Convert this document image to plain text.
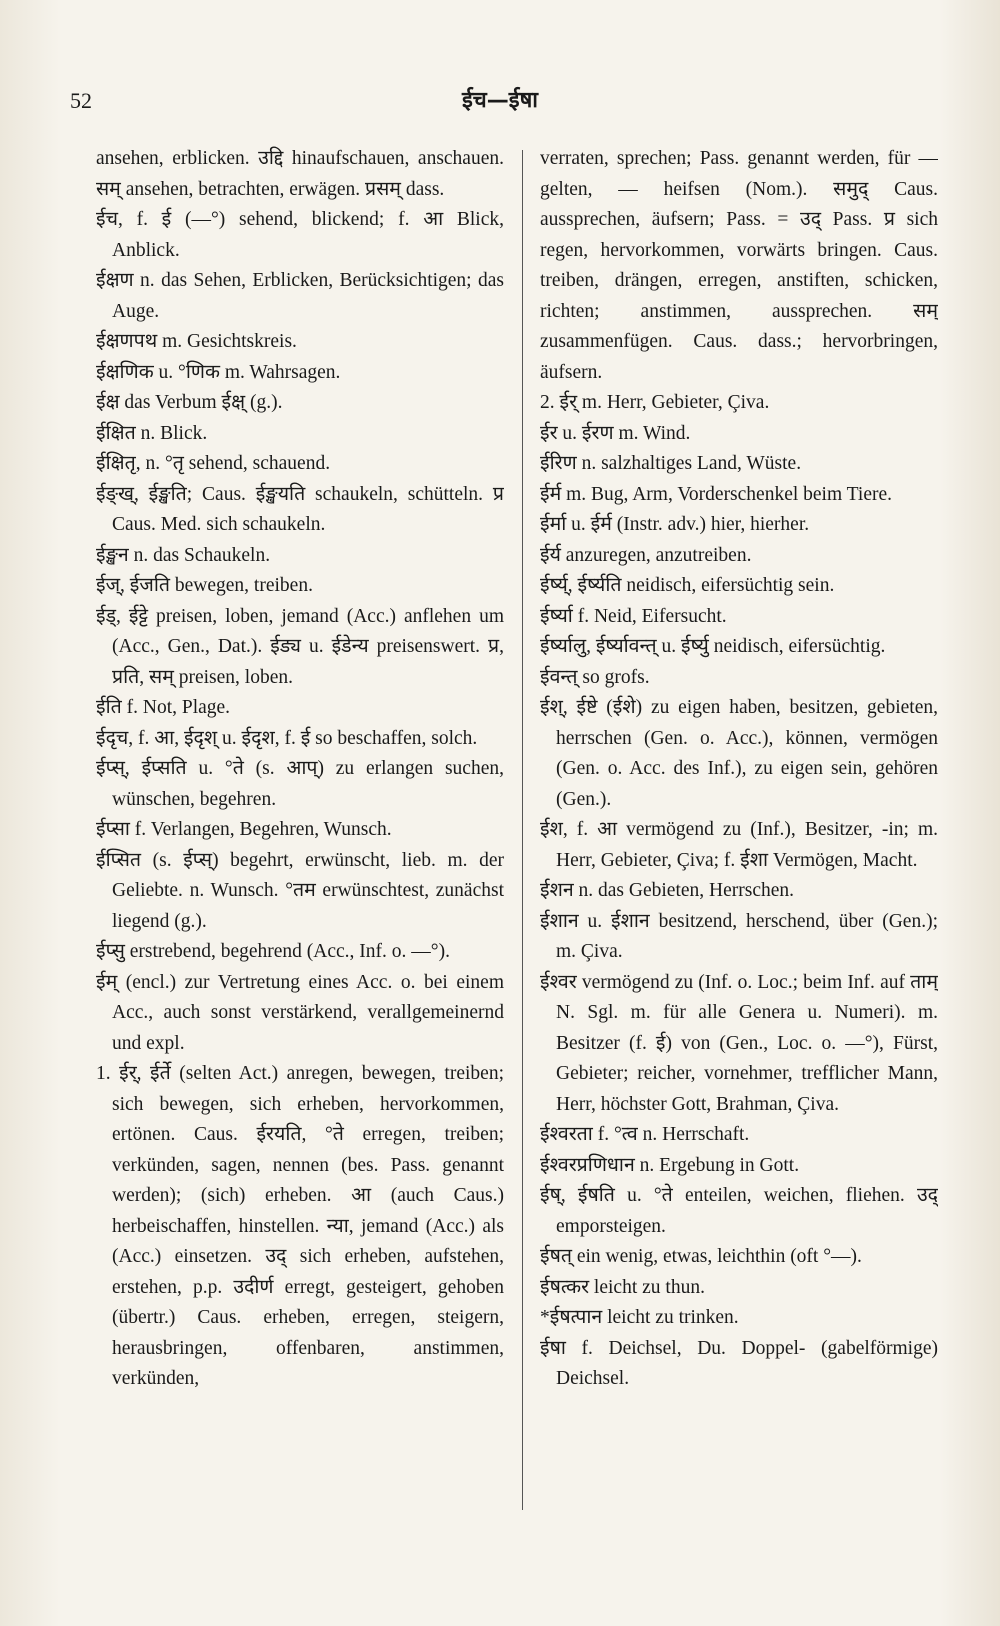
52	ईच—ईषा

ansehen, erblicken. उद्दि hinaufschauen, anschauen. सम् ansehen, betrachten, erwägen. प्रसम् dass.

ईच, f. ई (—°) sehend, blickend; f. आ Blick, Anblick.

ईक्षण n. das Sehen, Erblicken, Berücksichtigen; das Auge.

ईक्षणपथ m. Gesichtskreis.

ईक्षणिक u. °णिक m. Wahrsagen.

ईक्ष das Verbum ईक्ष् (g.).

ईक्षित n. Blick.

ईक्षितृ, n. °तृ sehend, schauend.

ईङ्ख्, ईङ्खति; Caus. ईङ्खयति schaukeln, schütteln. प्र Caus. Med. sich schaukeln.

ईङ्खन n. das Schaukeln.

ईज्, ईजति bewegen, treiben.

ईड्, ईट्टे preisen, loben, jemand (Acc.) anflehen um (Acc., Gen., Dat.). ईड्य u. ईडेन्य preisenswert. प्र, प्रति, सम् preisen, loben.

ईति f. Not, Plage.

ईदृच, f. आ, ईदृश् u. ईदृश, f. ई so beschaffen, solch.

ईप्स्, ईप्सति u. °ते (s. आप्) zu erlangen suchen, wünschen, begehren.

ईप्सा f. Verlangen, Begehren, Wunsch.

ईप्सित (s. ईप्स्) begehrt, erwünscht, lieb. m. der Geliebte. n. Wunsch. °तम erwünschtest, zunächst liegend (g.).

ईप्सु erstrebend, begehrend (Acc., Inf. o. —°).

ईम् (encl.) zur Vertretung eines Acc. o. bei einem Acc., auch sonst verstärkend, verallgemeinernd und expl.

1. ईर्, ईर्ते (selten Act.) anregen, bewegen, treiben; sich bewegen, sich erheben, hervorkommen, ertönen. Caus. ईरयति, °ते erregen, treiben; verkünden, sagen, nennen (bes. Pass. genannt werden); (sich) erheben. आ (auch Caus.) herbeischaffen, hinstellen. न्या, jemand (Acc.) als (Acc.) einsetzen. उद् sich erheben, aufstehen, erstehen, p.p. उदीर्ण erregt, gesteigert, gehoben (übertr.) Caus. erheben, erregen, steigern, herausbringen, offenbaren, anstimmen, verkünden,

verraten, sprechen; Pass. genannt werden, für — gelten, — heifsen (Nom.). समुद् Caus. aussprechen, äufsern; Pass. = उद् Pass. प्र sich regen, hervorkommen, vorwärts bringen. Caus. treiben, drängen, erregen, anstiften, schicken, richten; anstimmen, aussprechen. सम् zusammenfügen. Caus. dass.; hervorbringen, äufsern.

2. ईर् m. Herr, Gebieter, Çiva.

ईर u. ईरण m. Wind.

ईरिण n. salzhaltiges Land, Wüste.

ईर्म m. Bug, Arm, Vorderschenkel beim Tiere.

ईर्मा u. ईर्म (Instr. adv.) hier, hierher.

ईर्य anzuregen, anzutreiben.

ईर्ष्य्, ईर्ष्यति neidisch, eifersüchtig sein.

ईर्ष्या f. Neid, Eifersucht.

ईर्ष्यालु, ईर्ष्यावन्त् u. ईर्ष्यु neidisch, eifersüchtig.

ईवन्त् so grofs.

ईश्, ईष्टे (ईशे) zu eigen haben, besitzen, gebieten, herrschen (Gen. o. Acc.), können, vermögen (Gen. o. Acc. des Inf.), zu eigen sein, gehören (Gen.).

ईश, f. आ vermögend zu (Inf.), Besitzer, -in; m. Herr, Gebieter, Çiva; f. ईशा Vermögen, Macht.

ईशन n. das Gebieten, Herrschen.

ईशान u. ईशान besitzend, herschend, über (Gen.); m. Çiva.

ईश्वर vermögend zu (Inf. o. Loc.; beim Inf. auf ताम् N. Sgl. m. für alle Genera u. Numeri). m. Besitzer (f. ई) von (Gen., Loc. o. —°), Fürst, Gebieter; reicher, vornehmer, trefflicher Mann, Herr, höchster Gott, Brahman, Çiva.

ईश्वरता f. °त्व n. Herrschaft.

ईश्वरप्रणिधान n. Ergebung in Gott.

ईष्, ईषति u. °ते enteilen, weichen, fliehen. उद् emporsteigen.

ईषत् ein wenig, etwas, leichthin (oft °—).

ईषत्कर leicht zu thun.

*ईषत्पान leicht zu trinken.

ईषा f. Deichsel, Du. Doppel- (gabelförmige) Deichsel.
